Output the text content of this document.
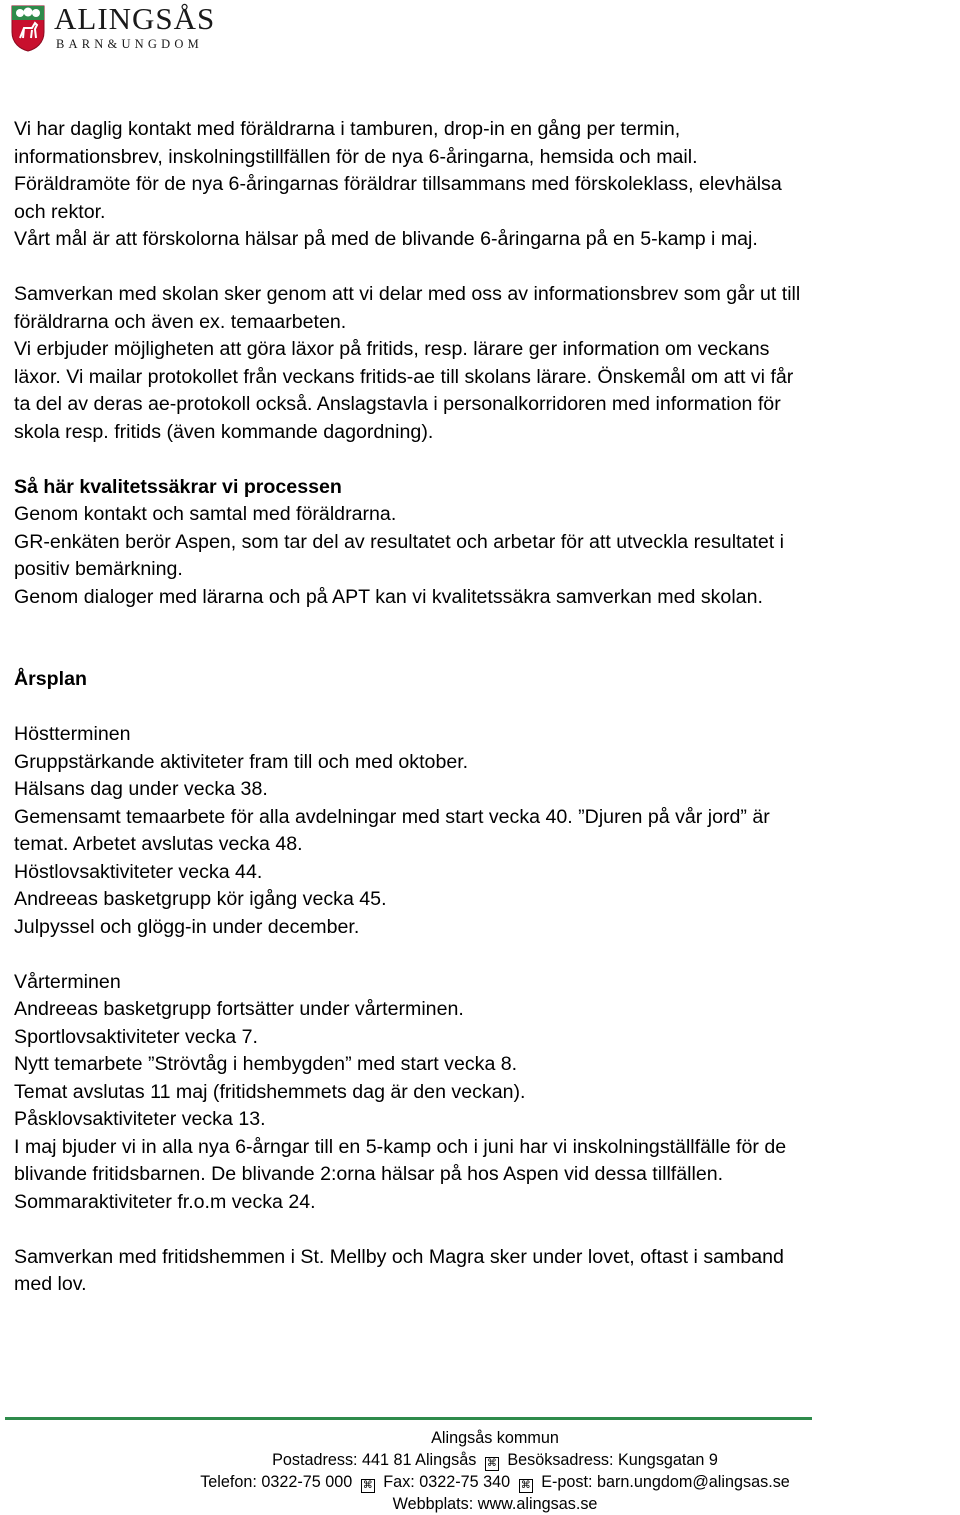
ALINGSÅS
BARN&UNGDOM

Vi har daglig kontakt med föräldrarna i tamburen, drop-in en gång per termin,

informationsbrev, inskolningstillfällen för de nya 6-åringarna, hemsida och mail.

Föräldramöte för de nya 6-åringarnas föräldrar tillsammans med förskoleklass, elevhälsa

och rektor.

Vårt mål är att förskolorna hälsar på med de blivande 6-åringarna på en 5-kamp i maj.

Samverkan med skolan sker genom att vi delar med oss av informationsbrev som går ut till

föräldrarna och även ex. temaarbeten.

Vi erbjuder möjligheten att göra läxor på fritids, resp. lärare ger information om veckans

läxor. Vi mailar protokollet från veckans fritids-ae till skolans lärare. Önskemål om att vi får

ta del av deras ae-protokoll också. Anslagstavla i personalkorridoren med information för

skola resp. fritids (även kommande dagordning).

Så här kvalitetssäkrar vi processen

Genom kontakt och samtal med föräldrarna.

GR-enkäten berör Aspen, som tar del av resultatet och arbetar för att utveckla resultatet i

positiv bemärkning.

Genom dialoger med lärarna och på APT kan vi kvalitetssäkra samverkan med skolan.

Årsplan

Höstterminen

Gruppstärkande aktiviteter fram till och med oktober.

Hälsans dag under vecka 38.

Gemensamt temaarbete för alla avdelningar med start vecka 40. ”Djuren på vår jord” är

temat. Arbetet avslutas vecka 48.

Höstlovsaktiviteter vecka 44.

Andreeas basketgrupp kör igång vecka 45.

Julpyssel och glögg-in under december.

Vårterminen

Andreeas basketgrupp fortsätter under vårterminen.

Sportlovsaktiviteter vecka 7.

Nytt temarbete ”Strövtåg i hembygden” med start vecka 8.

Temat avslutas 11 maj (fritidshemmets dag är den veckan).

Påsklovsaktiviteter vecka 13.

I maj bjuder vi in alla nya 6-årngar till en 5-kamp och i juni har vi inskolningställfälle för de

blivande fritidsbarnen. De blivande 2:orna hälsar på hos Aspen vid dessa tillfällen.

Sommaraktiviteter fr.o.m vecka 24.

Samverkan med fritidshemmen i St. Mellby och Magra sker under lovet, oftast i samband

med lov.

Alingsås kommun
Postadress: 441 81 Alingsås ⌘ Besöksadress: Kungsgatan 9
Telefon: 0322-75 000 ⌘ Fax: 0322-75 340 ⌘ E-post: barn.ungdom@alingsas.se
Webbplats: www.alingsas.se
